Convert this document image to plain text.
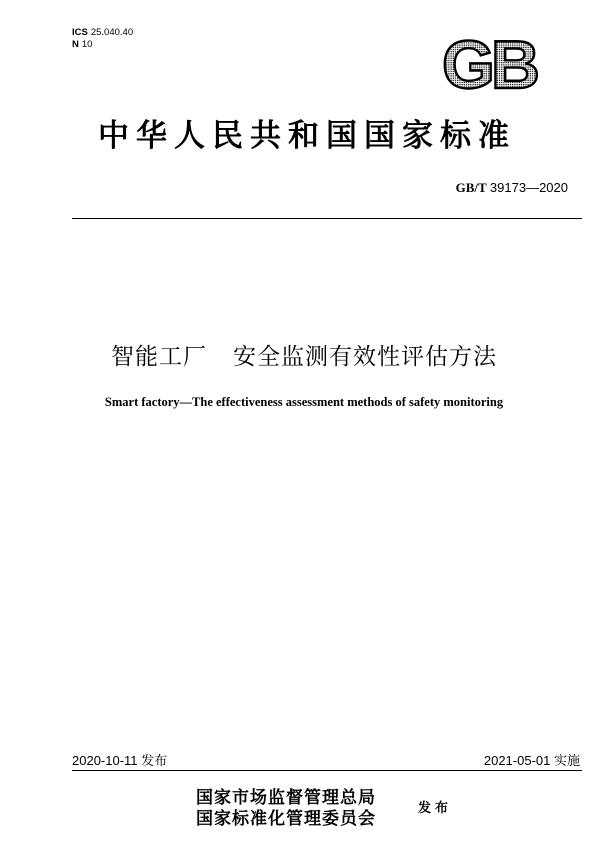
ICS 25.040.40
N 10	GB
中华人民共和国国家标准
GB/T 39173—2020
智能工厂 安全监测有效性评估方法
Smart factory—The effectiveness assessment methods of safety monitoring
2020-10-11 发布	2021-05-01 实施
国家市场监督管理总局
国家标准化管理委员会
发布
